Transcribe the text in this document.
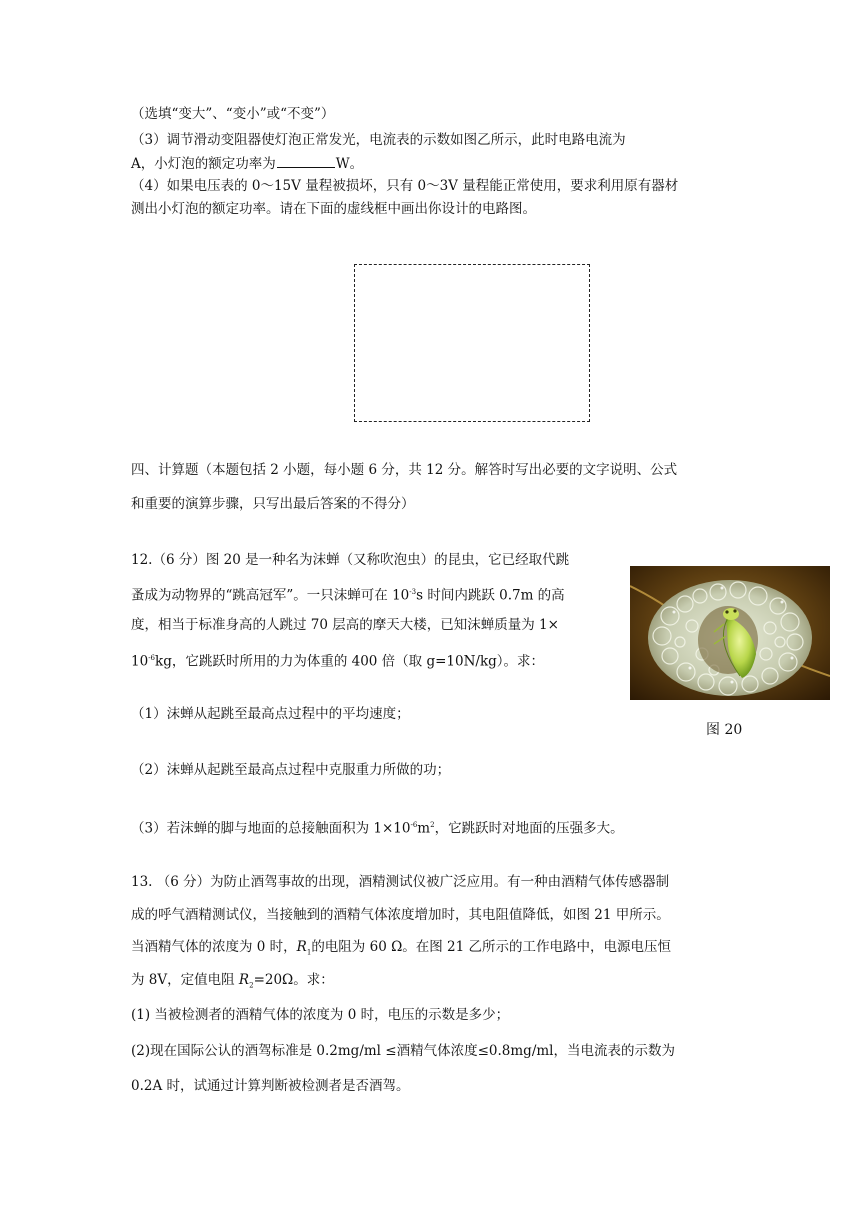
（选填“变大”、“变小”或“不变”）
（3）调节滑动变阻器使灯泡正常发光，电流表的示数如图乙所示，此时电路电流为
A，小灯泡的额定功率为	W。
（4）如果电压表的 0～15V 量程被损坏，只有 0～3V 量程能正常使用，要求利用原有器材
测出小灯泡的额定功率。请在下面的虚线框中画出你设计的电路图。
四、计算题（本题包括 2 小题，每小题 6 分，共 12 分。解答时写出必要的文字说明、公式
和重要的演算步骤，只写出最后答案的不得分）
12.（6 分）图 20 是一种名为沫蝉（又称吹泡虫）的昆虫，它已经取代跳
蚤成为动物界的“跳高冠军”。一只沫蝉可在 $10^{-3}s$ 时间内跳跃 0.7m 的高
度，相当于标准身高的人跳过 70 层高的摩天大楼，已知沫蝉质量为 1×
$10^{-6}kg$，它跳跃时所用的力为体重的 400 倍（取 g=10N/kg）。求：
（1）沫蝉从起跳至最高点过程中的平均速度；
（2）沫蝉从起跳至最高点过程中克服重力所做的功；
（3）若沫蝉的脚与地面的总接触面积为 $1\times 10^{-6}m^2$，它跳跃时对地面的压强多大。
图 20
13. （6 分）为防止酒驾事故的出现，酒精测试仪被广泛应用。有一种由酒精气体传感器制
成的呼气酒精测试仪，当接触到的酒精气体浓度增加时，其电阻值降低，如图 21 甲所示。
当酒精气体的浓度为 0 时，$R_1$的电阻为 60 Ω。在图 21 乙所示的工作电路中，电源电压恒
为 8V，定值电阻 $R_2=20\Omega$。求：
(1) 当被检测者的酒精气体的浓度为 0 时，电压的示数是多少；
(2)现在国际公认的酒驾标准是 0.2mg/ml ≤酒精气体浓度≤0.8mg/ml，当电流表的示数为
0.2A 时，试通过计算判断被检测者是否酒驾。
